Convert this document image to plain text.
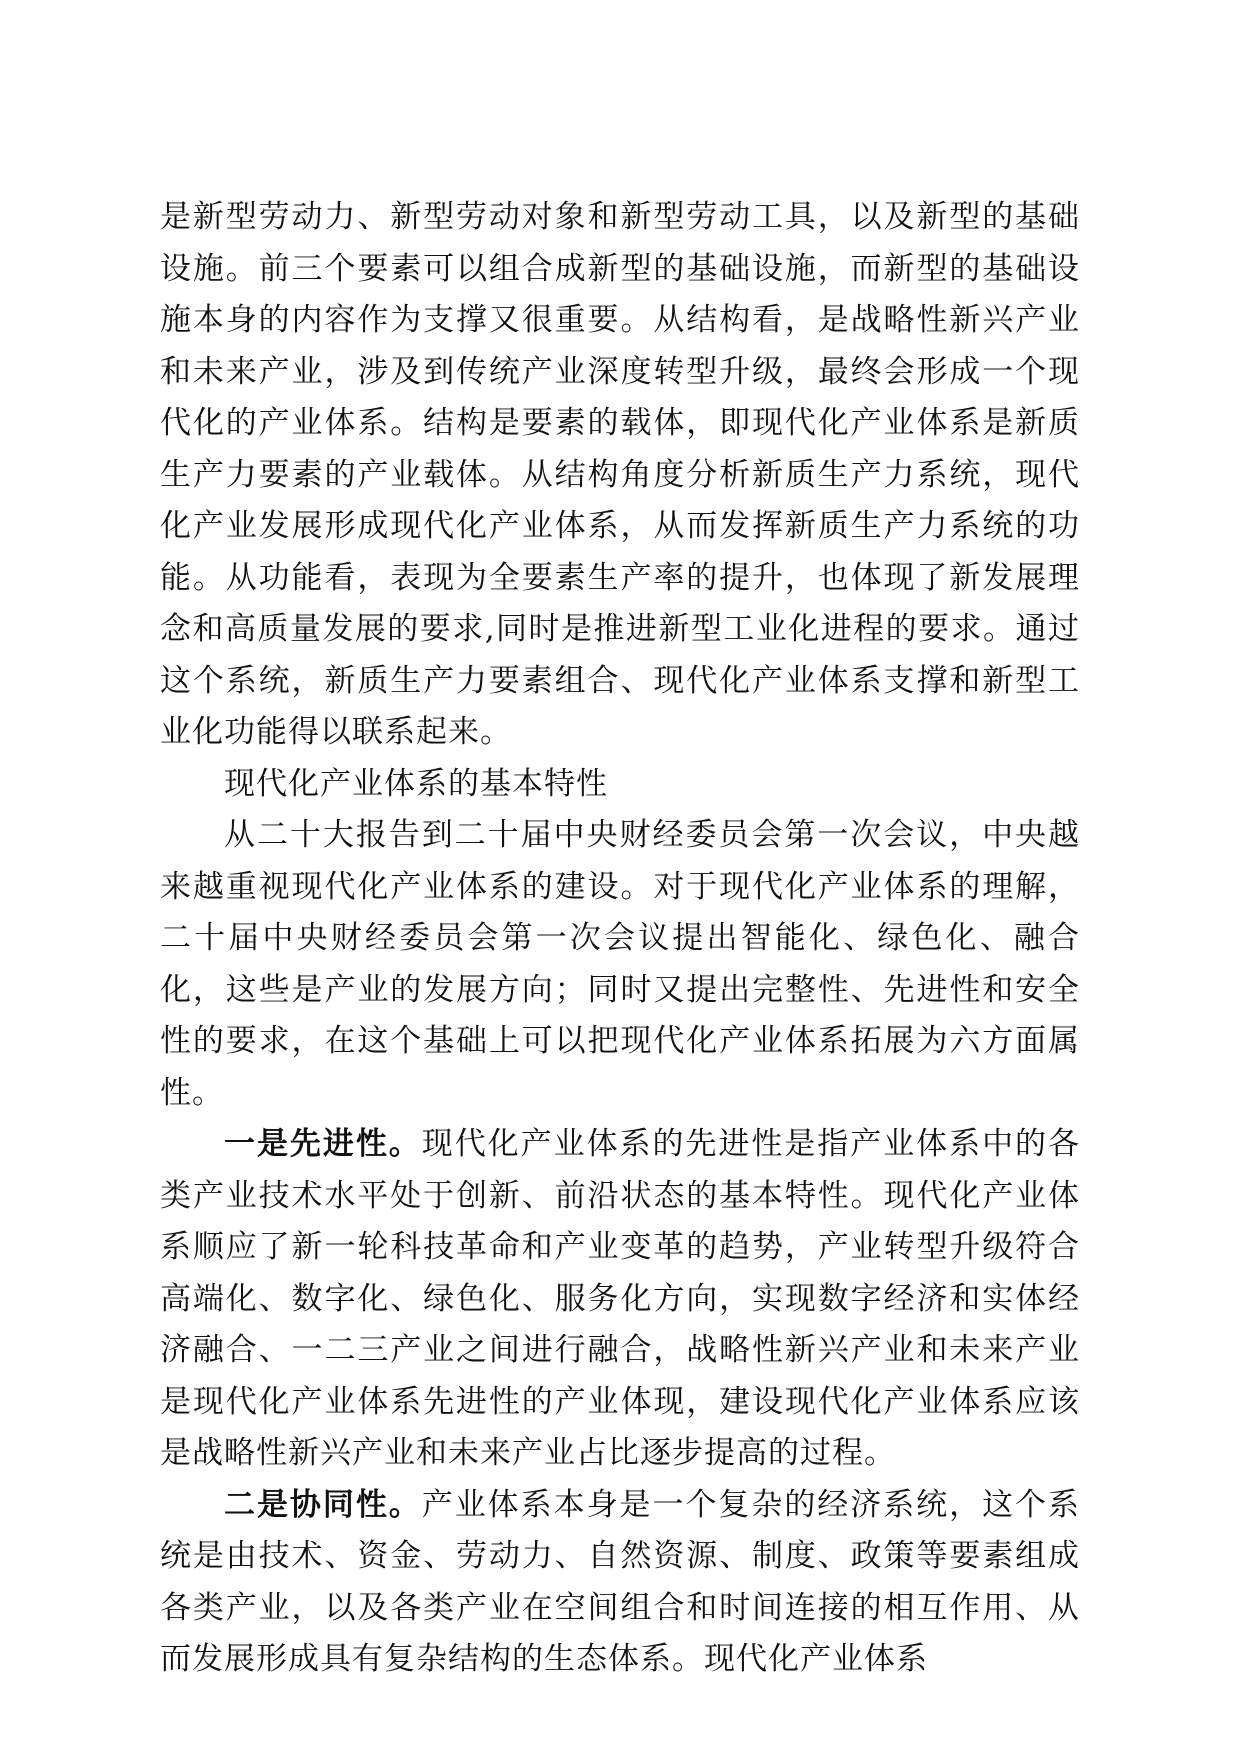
是新型劳动力、新型劳动对象和新型劳动工具，以及新型的基础设施。前三个要素可以组合成新型的基础设施，而新型的基础设施本身的内容作为支撑又很重要。从结构看，是战略性新兴产业和未来产业，涉及到传统产业深度转型升级，最终会形成一个现代化的产业体系。结构是要素的载体，即现代化产业体系是新质生产力要素的产业载体。从结构角度分析新质生产力系统，现代化产业发展形成现代化产业体系，从而发挥新质生产力系统的功能。从功能看，表现为全要素生产率的提升，也体现了新发展理念和高质量发展的要求,同时是推进新型工业化进程的要求。通过这个系统，新质生产力要素组合、现代化产业体系支撑和新型工业化功能得以联系起来。

现代化产业体系的基本特性

从二十大报告到二十届中央财经委员会第一次会议，中央越来越重视现代化产业体系的建设。对于现代化产业体系的理解，二十届中央财经委员会第一次会议提出智能化、绿色化、融合化，这些是产业的发展方向；同时又提出完整性、先进性和安全性的要求，在这个基础上可以把现代化产业体系拓展为六方面属性。

一是先进性。现代化产业体系的先进性是指产业体系中的各类产业技术水平处于创新、前沿状态的基本特性。现代化产业体系顺应了新一轮科技革命和产业变革的趋势，产业转型升级符合高端化、数字化、绿色化、服务化方向，实现数字经济和实体经济融合、一二三产业之间进行融合，战略性新兴产业和未来产业是现代化产业体系先进性的产业体现，建设现代化产业体系应该是战略性新兴产业和未来产业占比逐步提高的过程。

二是协同性。产业体系本身是一个复杂的经济系统，这个系统是由技术、资金、劳动力、自然资源、制度、政策等要素组成各类产业，以及各类产业在空间组合和时间连接的相互作用、从而发展形成具有复杂结构的生态体系。现代化产业体系
